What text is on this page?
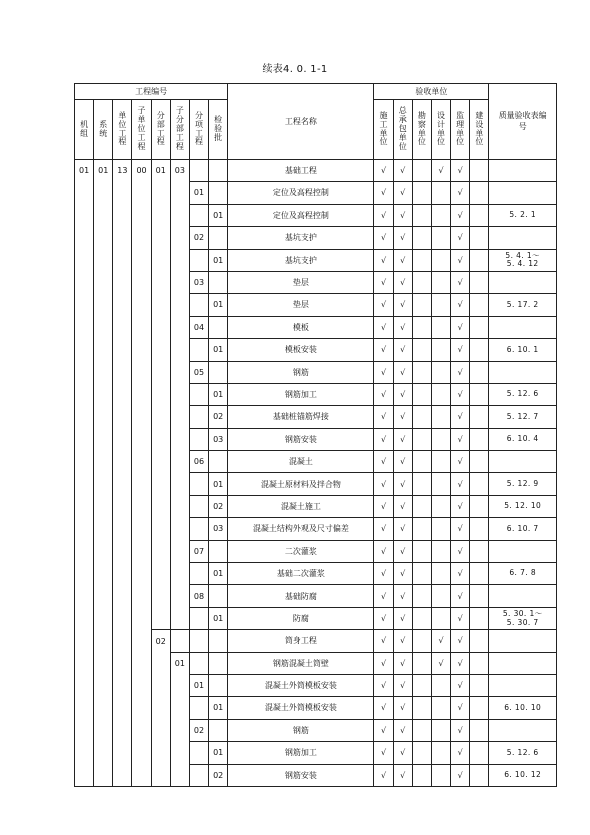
续表4. 0. 1-1
工程编号								工程名称	验收单位						质量验收表编号
机组	系统	单位工程	子单位工程	分部工程	子分部工程	分项工程	检验批		施工单位	总承包单位	勘察单位	设计单位	监理单位	建设单位	
01	01	13	00	01	03			基础工程	√	√		√	√		

						01		定位及高程控制	√	√			√		

							01	定位及高程控制	√	√			√		5. 2. 1

						02		基坑支护	√	√			√		

							01	基坑支护	√	√			√		5. 4. 1～
5. 4. 12

						03		垫层	√	√			√		

							01	垫层	√	√			√		5. 17. 2

						04		模板	√	√			√		

							01	模板安装	√	√			√		6. 10. 1

						05		钢筋	√	√			√		

							01	钢筋加工	√	√			√		5. 12. 6

							02	基础桩锚筋焊接	√	√			√		5. 12. 7

							03	钢筋安装	√	√			√		6. 10. 4

						06		混凝土	√	√			√		

							01	混凝土原材料及拌合物	√	√			√		5. 12. 9

							02	混凝土施工	√	√			√		5. 12. 10

							03	混凝土结构外观及尺寸偏差	√	√			√		6. 10. 7

						07		二次灌浆	√	√			√		

							01	基础二次灌浆	√	√			√		6. 7. 8

						08		基础防腐	√	√			√		

							01	防腐	√	√			√		5. 30. 1～
5. 30. 7

				02				筒身工程	√	√		√	√		

					01			钢筋混凝土筒壁	√	√		√	√		

						01		混凝土外筒模板安装	√	√			√		

							01	混凝土外筒模板安装	√	√			√		6. 10. 10

						02		钢筋	√	√			√		

							01	钢筋加工	√	√			√		5. 12. 6

							02	钢筋安装	√	√			√		6. 10. 12
